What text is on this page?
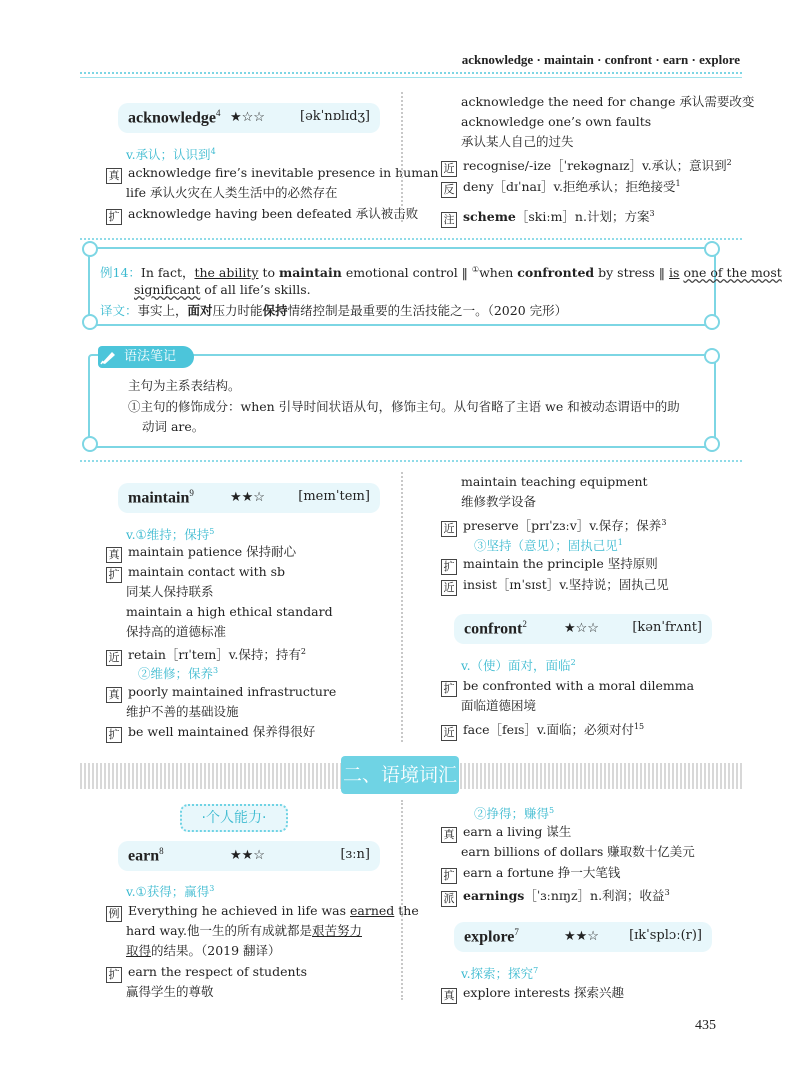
acknowledge · maintain · confront · earn · explore
acknowledge$^4$ ★☆☆	[əkˈnɒlɪdʒ]
v.承认；认识到$^4$
真 acknowledge fire’s inevitable presence in human
life 承认火灾在人类生活中的必然存在
扩 acknowledge having been defeated 承认被击败
acknowledge the need for change 承认需要改变
acknowledge one’s own faults
承认某人自己的过失
近 recognise/-ize［ˈrekəgnaɪz］v.承认；意识到$^2$
反 deny［dɪˈnaɪ］v.拒绝承认；拒绝接受$^1$
注 scheme［skiːm］n.计划；方案$^3$
例14：In fact，the ability to maintain emotional control ‖ ①when confronted by stress ‖ is one of the most
significant of all life’s skills.
译文：事实上，面对压力时能保持情绪控制是最重要的生活技能之一。（2020 完形）
语法笔记
主句为主系表结构。
①主句的修饰成分：when 引导时间状语从句，修饰主句。从句省略了主语 we 和被动态谓语中的助
动词 are。
maintain$^9$	★★☆	[meɪnˈteɪn]
v.①维持；保持$^5$
真 maintain patience 保持耐心
扩 maintain contact with sb
同某人保持联系
maintain a high ethical standard
保持高的道德标准
近 retain［rɪˈteɪn］v.保持；持有$^2$
②维修；保养$^3$
真 poorly maintained infrastructure
维护不善的基础设施
扩 be well maintained 保养得很好
maintain teaching equipment
维修教学设备
近 preserve［prɪˈzɜːv］v.保存；保养$^3$
③坚持（意见）；固执己见$^1$
扩 maintain the principle 坚持原则
近 insist［ɪnˈsɪst］v.坚持说；固执己见
confront$^2$	★☆☆	[kənˈfrʌnt]
v.（使）面对，面临$^2$
扩 be confronted with a moral dilemma
面临道德困境
近 face［feɪs］v.面临；必须对付$^{15}$
二、语境词汇
·个人能力·
earn$^8$	★★☆	[ɜːn]
v.①获得；赢得$^3$
例 Everything he achieved in life was earned the
hard way.他一生的所有成就都是艰苦努力
取得的结果。（2019 翻译）
扩 earn the respect of students
赢得学生的尊敬
②挣得；赚得$^5$
真 earn a living 谋生
earn billions of dollars 赚取数十亿美元
扩 earn a fortune 挣一大笔钱
派 earnings［ˈɜːnɪŋz］n.利润；收益$^3$
explore$^7$	★★☆ [ɪkˈsplɔː(r)]
v.探索；探究$^7$
真 explore interests 探索兴趣
435
